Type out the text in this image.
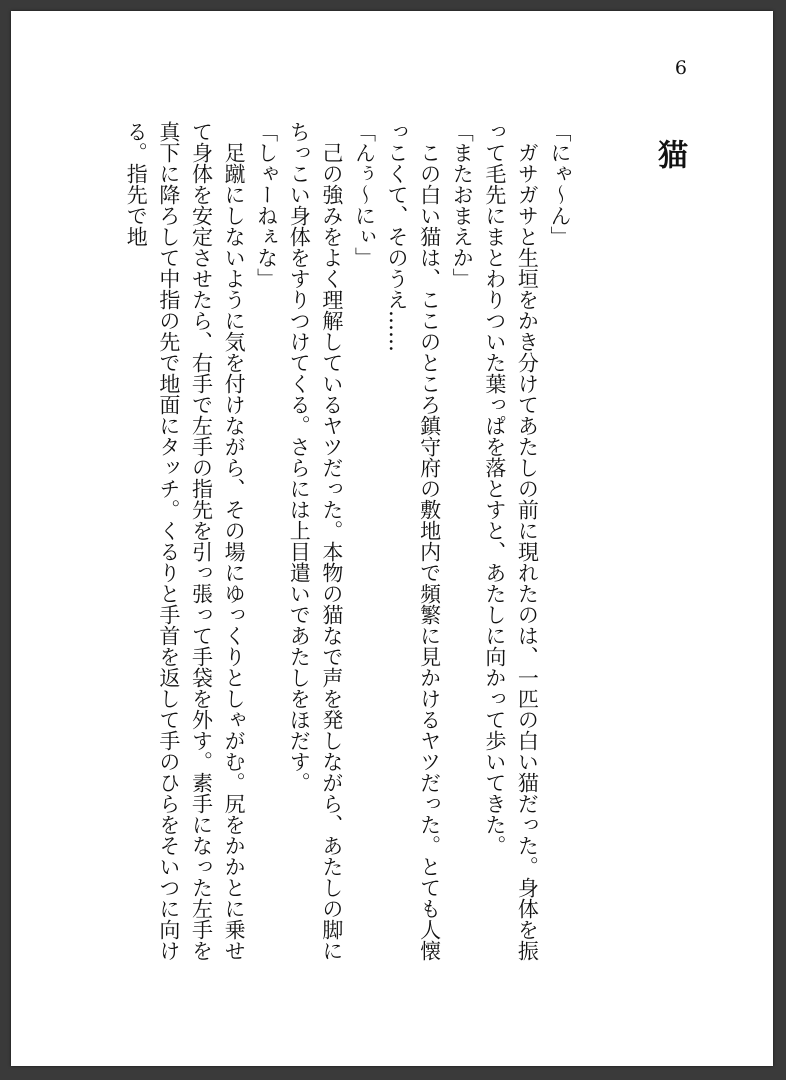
6
猫

「にゃ～ん」

ガサガサと生垣をかき分けてあたしの前に現れたのは、一匹の白い猫だった。身体を振って毛先にまとわりついた葉っぱを落とすと、あたしに向かって歩いてきた。

「またおまえか」

この白い猫は、ここのところ鎮守府の敷地内で頻繁に見かけるヤツだった。とても人懐っこくて、そのうえ……

「んぅ～にぃ」

己の強みをよく理解しているヤツだった。本物の猫なで声を発しながら、あたしの脚にちっこい身体をすりつけてくる。さらには上目遣いであたしをほだす。

「しゃーねぇな」

足蹴にしないように気を付けながら、その場にゆっくりとしゃがむ。尻をかかとに乗せて身体を安定させたら、右手で左手の指先を引っ張って手袋を外す。素手になった左手を真下に降ろして中指の先で地面にタッチ。くるりと手首を返して手のひらをそいつに向ける。指先で地
